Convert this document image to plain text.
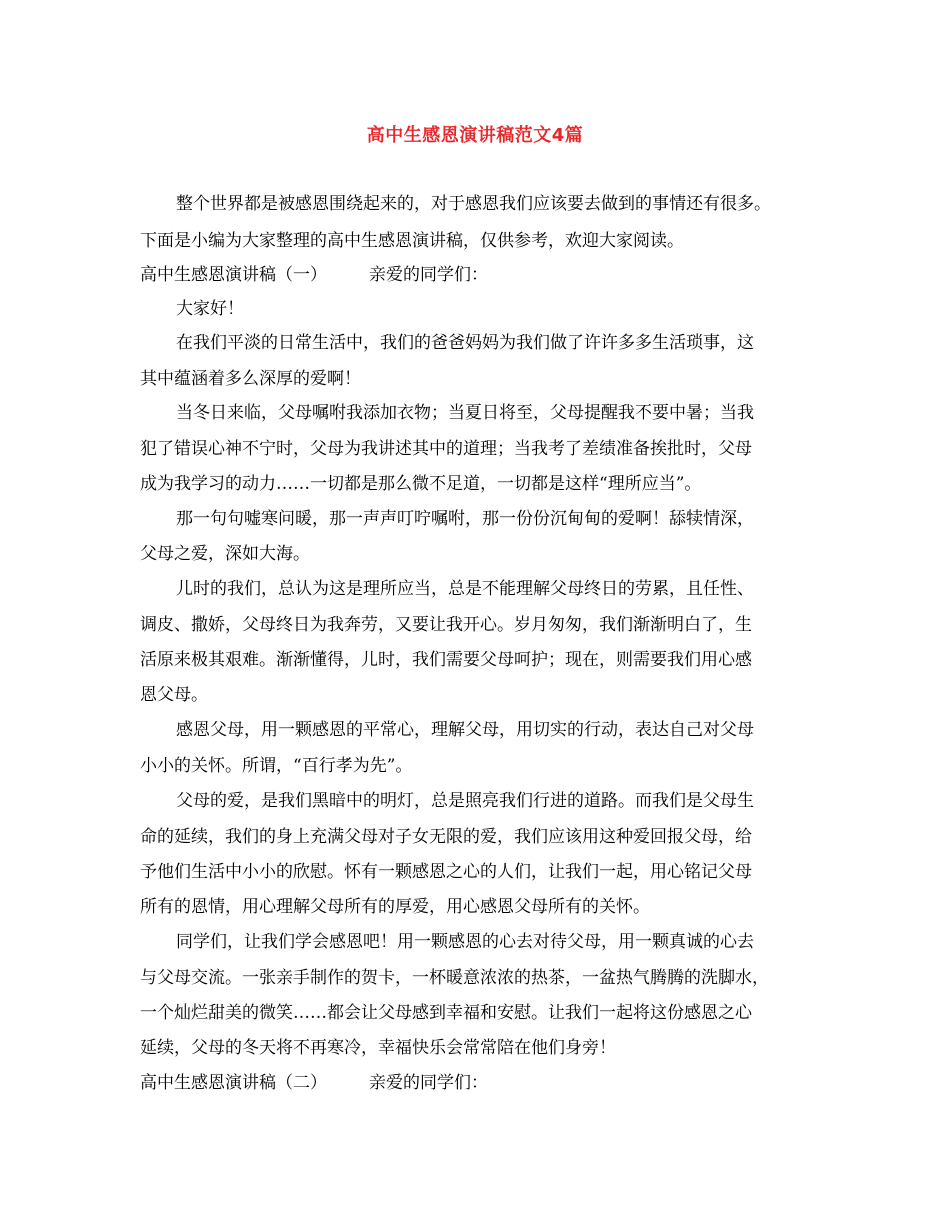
高中生感恩演讲稿范文4篇
整个世界都是被感恩围绕起来的，对于感恩我们应该要去做到的事情还有很多。
下面是小编为大家整理的高中生感恩演讲稿，仅供参考，欢迎大家阅读。
高中生感恩演讲稿（一） 亲爱的同学们：
大家好！
在我们平淡的日常生活中，我们的爸爸妈妈为我们做了许许多多生活琐事，这
其中蕴涵着多么深厚的爱啊！
当冬日来临，父母嘱咐我添加衣物；当夏日将至，父母提醒我不要中暑；当我
犯了错误心神不宁时，父母为我讲述其中的道理；当我考了差绩准备挨批时，父母
成为我学习的动力……一切都是那么微不足道，一切都是这样“理所应当”。
那一句句嘘寒问暖，那一声声叮咛嘱咐，那一份份沉甸甸的爱啊！舔犊情深，
父母之爱，深如大海。
儿时的我们，总认为这是理所应当，总是不能理解父母终日的劳累，且任性、
调皮、撒娇，父母终日为我奔劳，又要让我开心。岁月匆匆，我们渐渐明白了，生
活原来极其艰难。渐渐懂得，儿时，我们需要父母呵护；现在，则需要我们用心感
恩父母。
感恩父母，用一颗感恩的平常心，理解父母，用切实的行动，表达自己对父母
小小的关怀。所谓，“百行孝为先”。
父母的爱，是我们黑暗中的明灯，总是照亮我们行进的道路。而我们是父母生
命的延续，我们的身上充满父母对子女无限的爱，我们应该用这种爱回报父母，给
予他们生活中小小的欣慰。怀有一颗感恩之心的人们，让我们一起，用心铭记父母
所有的恩情，用心理解父母所有的厚爱，用心感恩父母所有的关怀。
同学们，让我们学会感恩吧！用一颗感恩的心去对待父母，用一颗真诚的心去
与父母交流。一张亲手制作的贺卡，一杯暖意浓浓的热茶，一盆热气腾腾的洗脚水，
一个灿烂甜美的微笑……都会让父母感到幸福和安慰。让我们一起将这份感恩之心
延续，父母的冬天将不再寒冷，幸福快乐会常常陪在他们身旁！
高中生感恩演讲稿（二） 亲爱的同学们：
